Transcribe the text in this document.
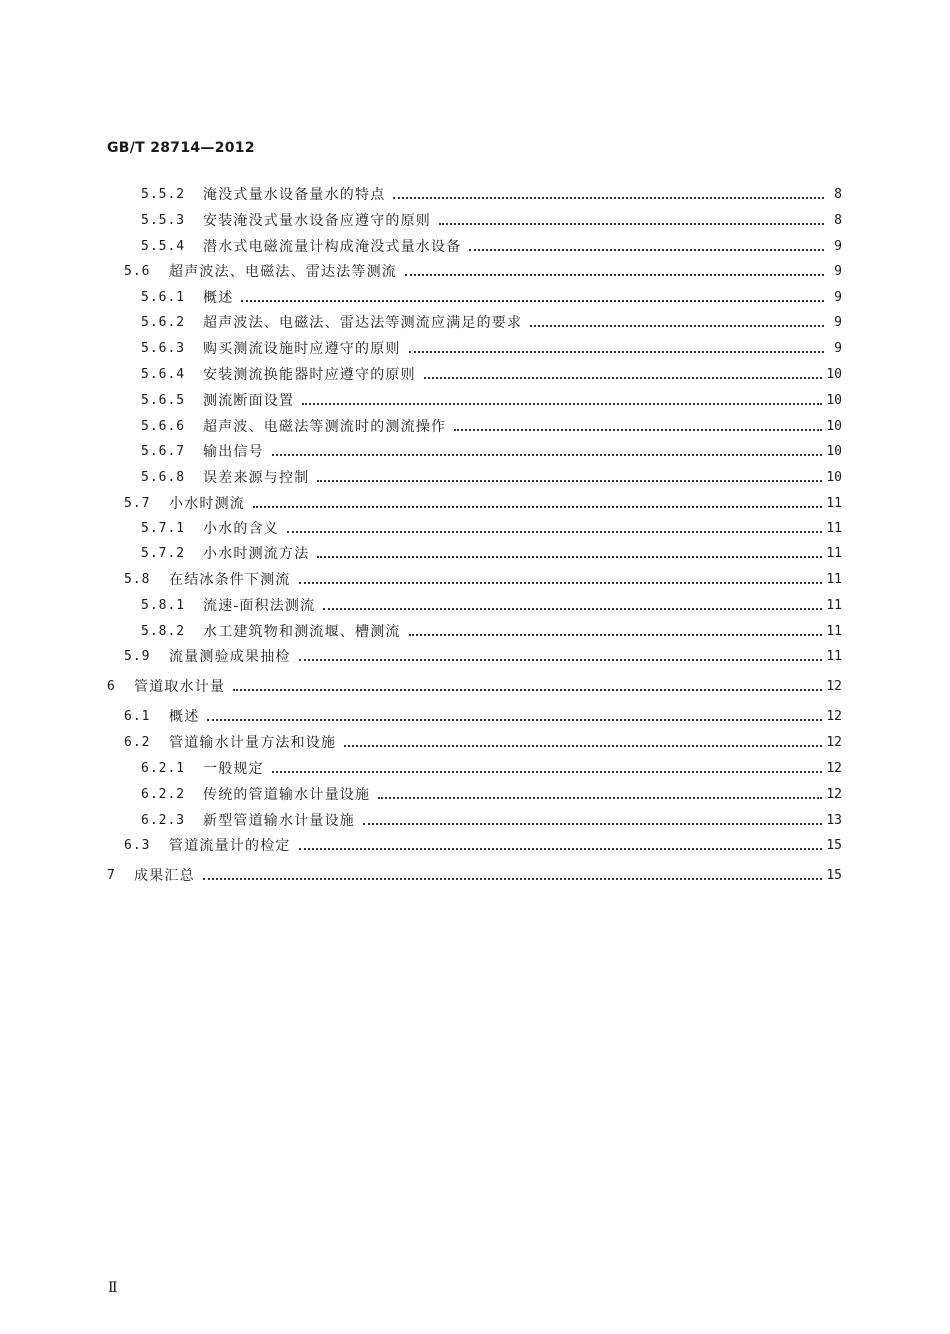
GB/T 28714—2012
5.5.2	淹没式量水设备量水的特点	8
5.5.3	安装淹没式量水设备应遵守的原则	8
5.5.4	潜水式电磁流量计构成淹没式量水设备	9
5.6	超声波法、电磁法、雷达法等测流	9
5.6.1	概述	9
5.6.2	超声波法、电磁法、雷达法等测流应满足的要求	9
5.6.3	购买测流设施时应遵守的原则	9
5.6.4	安装测流换能器时应遵守的原则	10
5.6.5	测流断面设置	10
5.6.6	超声波、电磁法等测流时的测流操作	10
5.6.7	输出信号	10
5.6.8	误差来源与控制	10
5.7	小水时测流	11
5.7.1	小水的含义	11
5.7.2	小水时测流方法	11
5.8	在结冰条件下测流	11
5.8.1	流速-面积法测流	11
5.8.2	水工建筑物和测流堰、槽测流	11
5.9	流量测验成果抽检	11
6	管道取水计量	12
6.1	概述	12
6.2	管道输水计量方法和设施	12
6.2.1	一般规定	12
6.2.2	传统的管道输水计量设施	12
6.2.3	新型管道输水计量设施	13
6.3	管道流量计的检定	15
7	成果汇总	15
Ⅱ
